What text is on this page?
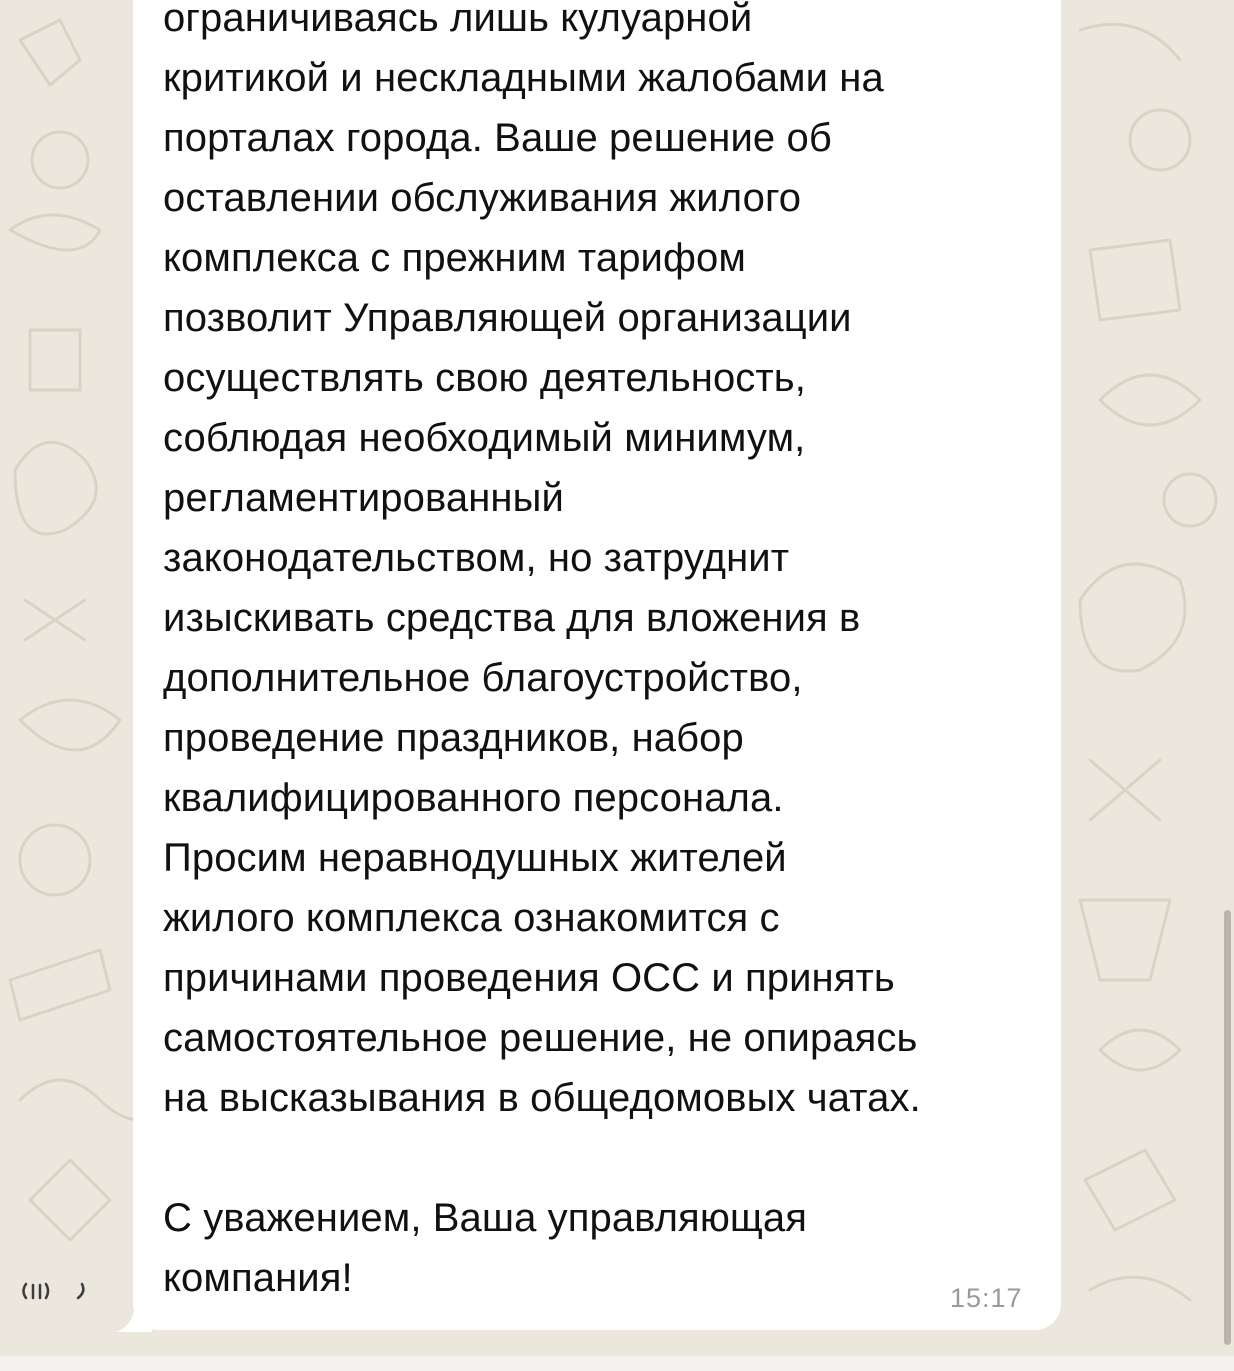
ограничиваясь лишь кулуарной
критикой и нескладными жалобами на
порталах города. Ваше решение об
оставлении обслуживания жилого
комплекса с прежним тарифом
позволит Управляющей организации
осуществлять свою деятельность,
соблюдая необходимый минимум,
регламентированный
законодательством, но затруднит
изыскивать средства для вложения в
дополнительное благоустройство,
проведение праздников, набор
квалифицированного персонала.
Просим неравнодушных жителей
жилого комплекса ознакомится с
причинами проведения ОСС и принять
самостоятельное решение, не опираясь
на высказывания в общедомовых чатах.

С уважением, Ваша управляющая
компания!	15:17
